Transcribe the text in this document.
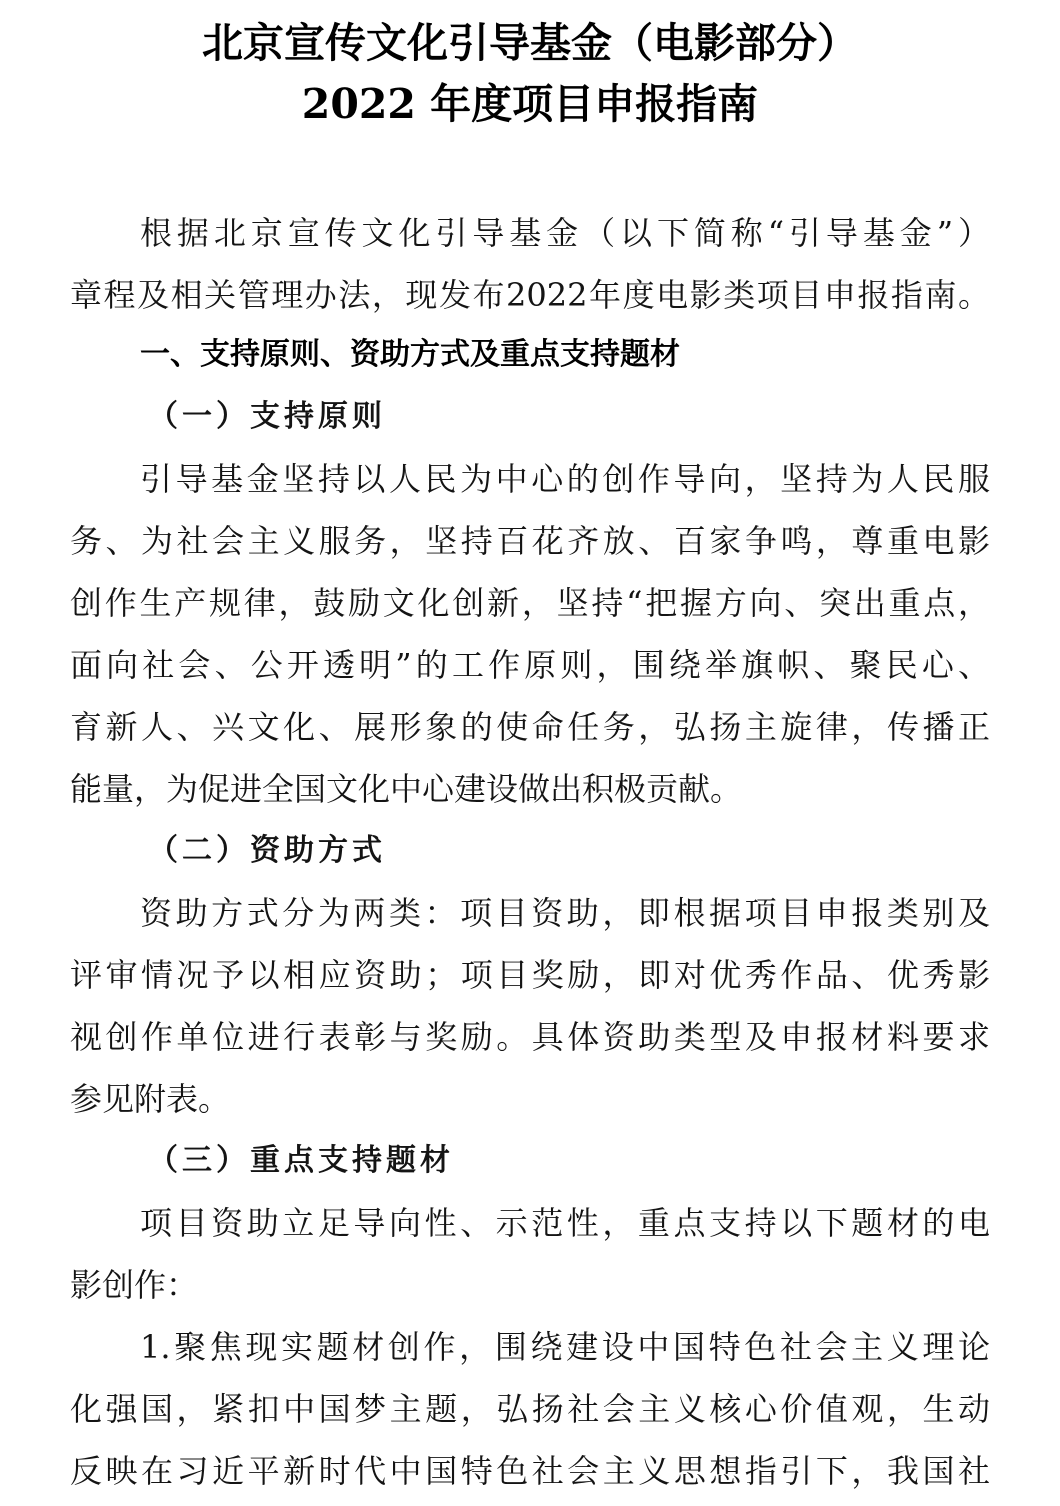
北京宣传文化引导基金（电影部分）
2022 年度项目申报指南
根据北京宣传文化引导基金（以下简称“引导基金”）
章程及相关管理办法，现发布2022年度电影类项目申报指南。
一、支持原则、资助方式及重点支持题材
（一）支持原则
引导基金坚持以人民为中心的创作导向，坚持为人民服
务、为社会主义服务，坚持百花齐放、百家争鸣，尊重电影
创作生产规律，鼓励文化创新，坚持“把握方向、突出重点，
面向社会、公开透明”的工作原则，围绕举旗帜、聚民心、
育新人、兴文化、展形象的使命任务，弘扬主旋律，传播正
能量，为促进全国文化中心建设做出积极贡献。
（二）资助方式
资助方式分为两类：项目资助，即根据项目申报类别及
评审情况予以相应资助；项目奖励，即对优秀作品、优秀影
视创作单位进行表彰与奖励。具体资助类型及申报材料要求
参见附表。
（三）重点支持题材
项目资助立足导向性、示范性，重点支持以下题材的电
影创作：
1.聚焦现实题材创作，围绕建设中国特色社会主义理论
化强国，紧扣中国梦主题，弘扬社会主义核心价值观，生动
反映在习近平新时代中国特色社会主义思想指引下，我国社
